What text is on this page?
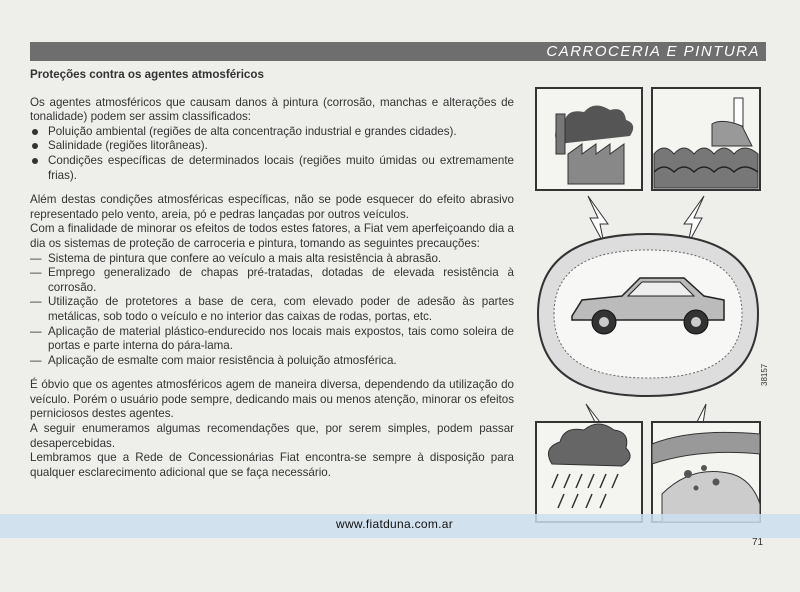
CARROCERIA E PINTURA
Proteções contra os agentes atmosféricos

Os agentes atmosféricos que causam danos à pintura (corrosão, manchas e alterações de tonalidade) podem ser assim classificados:

Poluição ambiental (regiões de alta concentração industrial e grandes cidades).
Salinidade (regiões litorâneas).
Condições específicas de determinados locais (regiões muito úmidas ou extremamente frias).

Além destas condições atmosféricas específicas, não se pode esquecer do efeito abrasivo representado pelo vento, areia, pó e pedras lançadas por outros veículos.

Com a finalidade de minorar os efeitos de todos estes fatores, a Fiat vem aperfeiçoando dia a dia os sistemas de proteção de carroceria e pintura, tomando as seguintes precauções:

— Sistema de pintura que confere ao veículo a mais alta resistência à abrasão.
— Emprego generalizado de chapas pré-tratadas, dotadas de elevada resistência à corrosão.
— Utilização de protetores a base de cera, com elevado poder de adesão às partes metálicas, sob todo o veículo e no interior das caixas de rodas, portas, etc.
— Aplicação de material plástico-endurecido nos locais mais expostos, tais como soleira de portas e parte interna do pára-lama.
— Aplicação de esmalte com maior resistência à poluição atmosférica.

É óbvio que os agentes atmosféricos agem de maneira diversa, dependendo da utilização do veículo. Porém o usuário pode sempre, dedicando mais ou menos atenção, minorar os efeitos perniciosos destes agentes.

A seguir enumeramos algumas recomendações que, por serem simples, podem passar desapercebidas.

Lembramos que a Rede de Concessionárias Fiat encontra-se sempre à disposição para qualquer esclarecimento adicional que se faça necessário.

38157
www.fiatduna.com.ar
71
